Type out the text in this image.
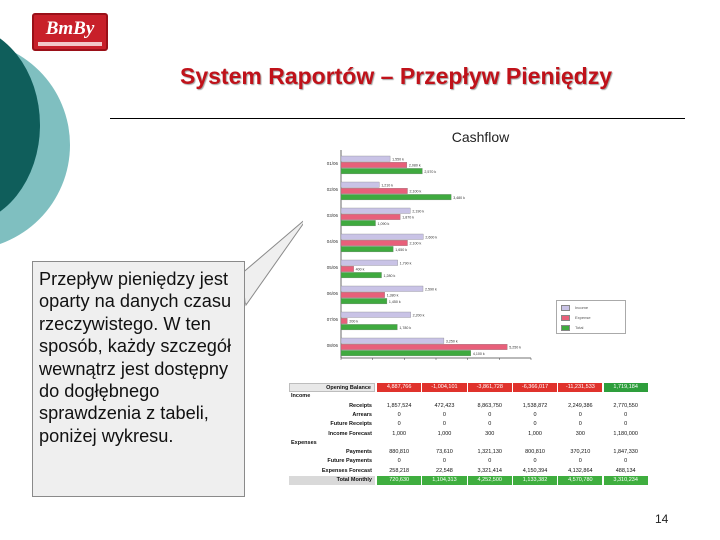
BmBy
System Raportów – Przepływ Pieniędzy

Przepływ pieniędzy jest oparty na danych czasu rzeczywistego. W ten sposób, każdy szczegół wewnątrz jest dostępny do dogłębnego sprawdzenia z tabeli, poniżej wykresu.

01/06
1,550 k
2,080 k
2,570 k
02/06
1,210 k
2,100 k
3,480 k
03/06
2,190 k
1,870 k
1,090 k
04/06
2,600 k
2,100 k
1,650 k
05/06
1,790 k
400 k
1,280 k
06/06
2,590 k
1,380 k
1,450 k
07/06
2,200 k
200 k
1,780 k
08/06
3,250 k
5,250 k
4,100 k
Cashflow
Income
Expense
Total
Opening Balance	4,887,766	-1,004,101	-3,861,728	-6,366,017	-11,231,533	1,719,184
Income
Receipts	1,857,524	472,423	8,863,750	1,538,872	2,249,386	2,770,550
Arrears	0	0	0	0	0	0
Future Receipts	0	0	0	0	0	0
Income Forecast	1,000	1,000	300	1,000	300	1,180,000
Expenses
Payments	880,810	73,610	1,321,130	800,810	370,210	1,847,330
Future Payments	0	0	0	0	0	0
Expenses Forecast	258,218	22,548	3,321,414	4,150,394	4,132,864	488,134
Total Monthly	720,630	1,104,313	4,252,500	1,133,382	4,570,780	3,310,234
14
